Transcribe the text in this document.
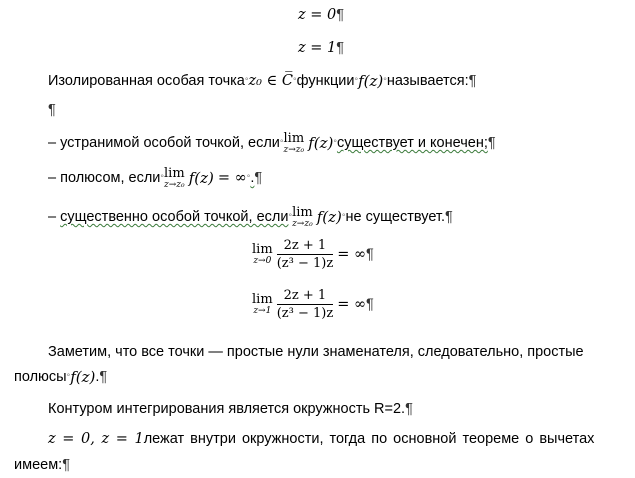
z = 0¶
z = 1¶
Изолированная особая точка°z₀ ∈ C̅°функции°f(z)°называется:¶
¶
– устранимой особой точкой, если° lim
z→z₀ f(z)°существует и конечен;¶
– полюсом, если° lim
z→z₀ f(z) = ∞°.¶
– существенно особой точкой, если° lim
z→z₀ f(z)°не существует.¶
lim
z→0
$\frac{2z + 1}{\text{(z³ − 1)z}}$ = ∞¶
lim
z→1
$\frac{2z + 1}{\text{(z³ − 1)z}}$ = ∞¶
Заметим, что все точки — простые нули знаменателя, следовательно, простые
полюсы°f(z).¶
Контуром интегрирования является окружность R=2.¶
z = 0, z = 1лежат внутри окружности, тогда по основной теореме о вычетах
имеем:¶
